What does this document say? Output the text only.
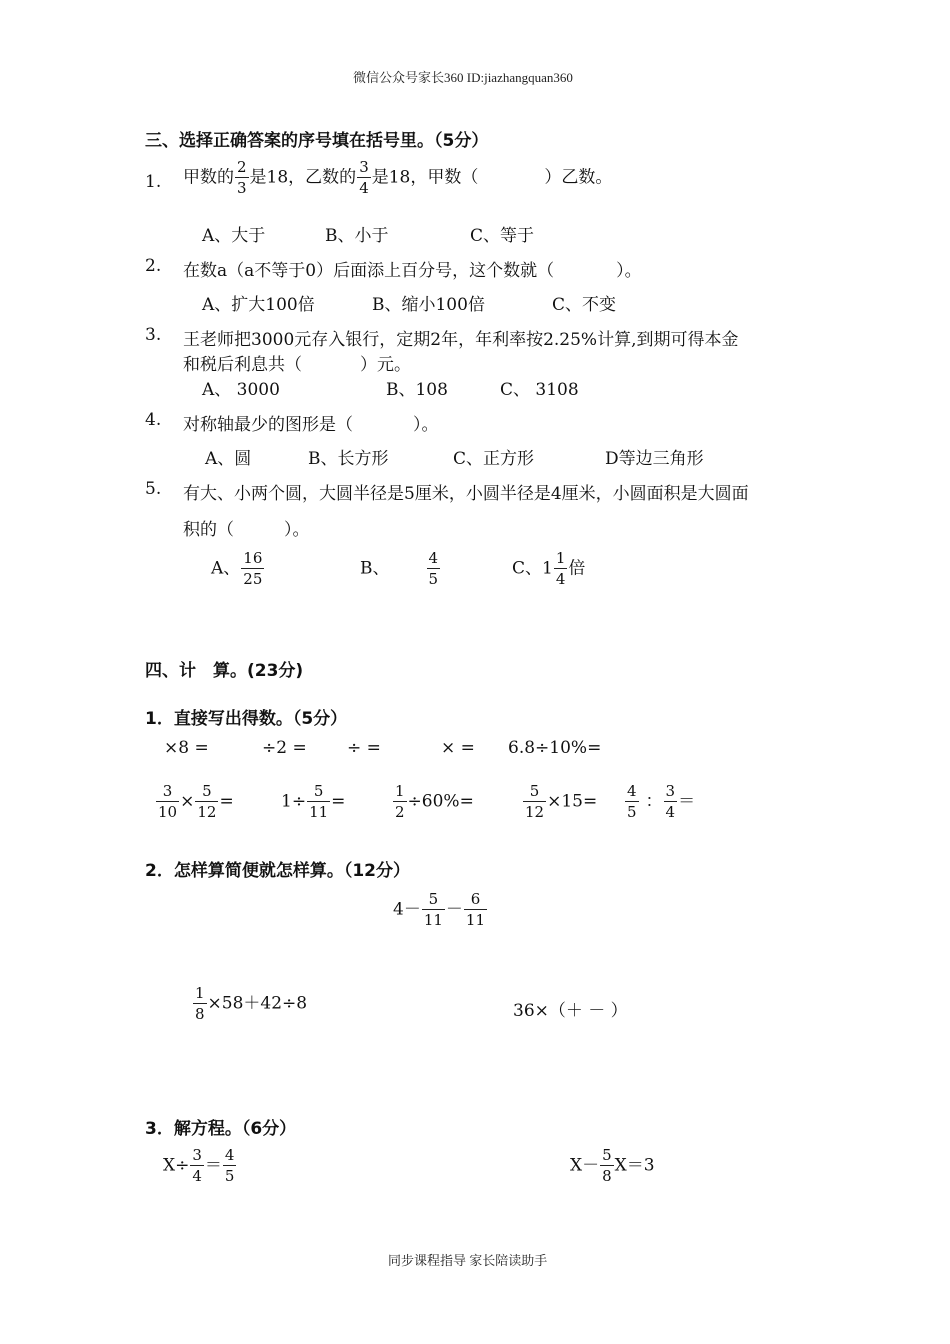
微信公众号家长360 ID:jiazhangquan360
三、选择正确答案的序号填在括号里。（5分）
1. 甲数的 $\frac{2}{3}$ 是18，乙数的 $\frac{3}{4}$ 是18，甲数（	）乙数。
A、大于	B、小于	C、等于
2. 在数a（a不等于0）后面添上百分号，这个数就（	）。
A、扩大100倍	B、缩小100倍	C、不变
3. 王老师把3000元存入银行，定期2年，年利率按2.25%计算,到期可得本金
和税后利息共（	）元。
A、 3000	B、108	C、 3108
4. 对称轴最少的图形是（	）。
A、圆	B、长方形	C、正方形	D等边三角形
5. 有大、小两个圆，大圆半径是5厘米，小圆半径是4厘米，小圆面积是大圆面
积的（	）。
A、 $\frac{16}{25}$	B、 $\frac{4}{5}$	C、$1 \frac{1}{4}$ 倍
四、计　算。(23分)
1．直接写出得数。（5分）
×8 =	÷2 = ÷ =	× = 6.8÷10%=
$\frac{3}{10} \times \frac{5}{12}$ =	$1\div \frac{5}{11}$ =	$\frac{1}{2} \div 60\%=$	$\frac{5}{12} \times 15= \frac{4}{5}$ ： $\frac{3}{4}$ ＝
2．怎样算简便就怎样算。（12分）
$4- \frac{5}{11} - \frac{6}{11}$
$\frac{1}{8} \times 58+42\div 8$	36×（＋ － ）
3．解方程。（6分）
$X\div \frac{3}{4} = \frac{4}{5}$	$X- \frac{5}{8} X=3$
同步课程指导 家长陪读助手
